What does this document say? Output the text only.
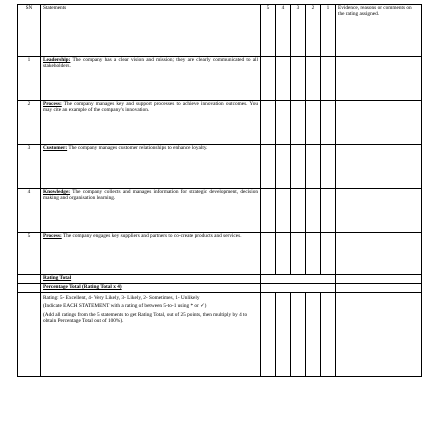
SN	Statements	5	4	3	2	1	Evidence, reasons or comments on the rating assigned.
1	Leadership: The company has a clear vision and mission; they are clearly communicated to all stakeholders.						
2	Process: The company manages key and support processes to achieve innovation outcomes. You may cite an example of the company's innovation.						
3	Customer: The company manages customer relationships to enhance loyalty.						
4	Knowledge: The company collects and manages information for strategic development, decision making and organisation learning.						
5	Process: The company engages key suppliers and partners to co-create products and services.						
	Rating Total						
	Percentage Total (Rating Total x 4)						

	Rating: 5- Excellent, 4- Very Likely, 3- Likely, 2- Sometimes, 1- Unlikely

(Indicate EACH STATEMENT with a rating of between 5-to-1 using * or ✓)

(Add all ratings from the 5 statements to get Rating Total, out of 25 points, then multiply by 4 to obtain Percentage Total out of 100%).						
